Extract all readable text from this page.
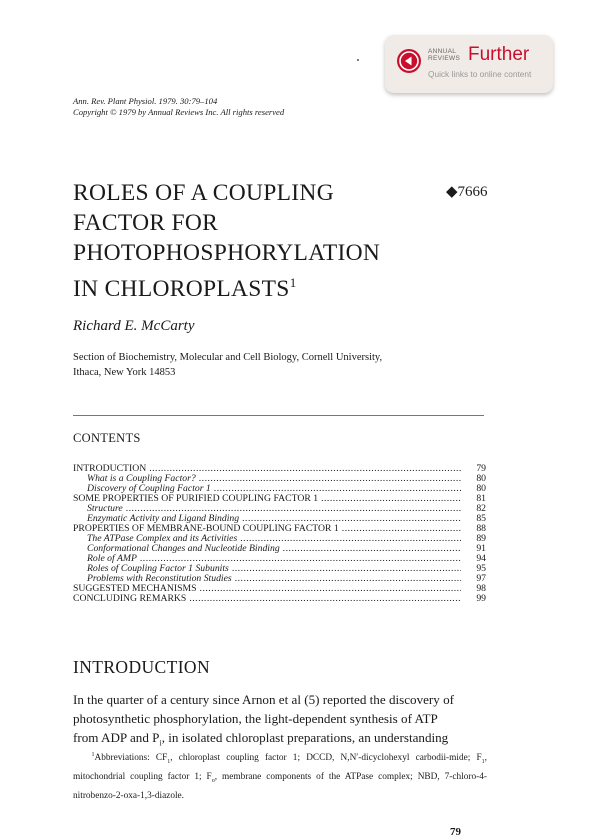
ANNUAL
REVIEWS Further
Quick links to online content
Ann. Rev. Plant Physiol. 1979. 30:79–104
Copyright © 1979 by Annual Reviews Inc. All rights reserved
ROLES OF A COUPLING
FACTOR FOR
PHOTOPHOSPHORYLATION
IN CHLOROPLASTS$^1$
◆7666
Richard E. McCarty
Section of Biochemistry, Molecular and Cell Biology, Cornell University,
Ithaca, New York 14853
CONTENTS
INTRODUCTION .....	79
What is a Coupling Factor? .....	80
Discovery of Coupling Factor 1 .....	80
SOME PROPERTIES OF PURIFIED COUPLING FACTOR 1 .....	81
Structure .....	82
Enzymatic Activity and Ligand Binding .....	85
PROPERTIES OF MEMBRANE-BOUND COUPLING FACTOR 1 .....	88
The ATPase Complex and its Activities .....	89
Conformational Changes and Nucleotide Binding .....	91
Role of AMP .....	94
Roles of Coupling Factor 1 Subunits .....	95
Problems with Reconstitution Studies .....	97
SUGGESTED MECHANISMS .....	98
CONCLUDING REMARKS .....	99
INTRODUCTION
In the quarter of a century since Arnon et al (5) reported the discovery of
photosynthetic phosphorylation, the light-dependent synthesis of ATP
from ADP and $P_i$, in isolated chloroplast preparations, an understanding
$^1$Abbreviations: $CF_1$, chloroplast coupling factor 1; DCCD, N,N′-dicyclohexyl carbodii-mide; $F_1$, mitochondrial coupling factor 1; $F_o$, membrane components of the ATPase complex; NBD, 7-chloro-4-nitrobenzo-2-oxa-1,3-diazole.
79
